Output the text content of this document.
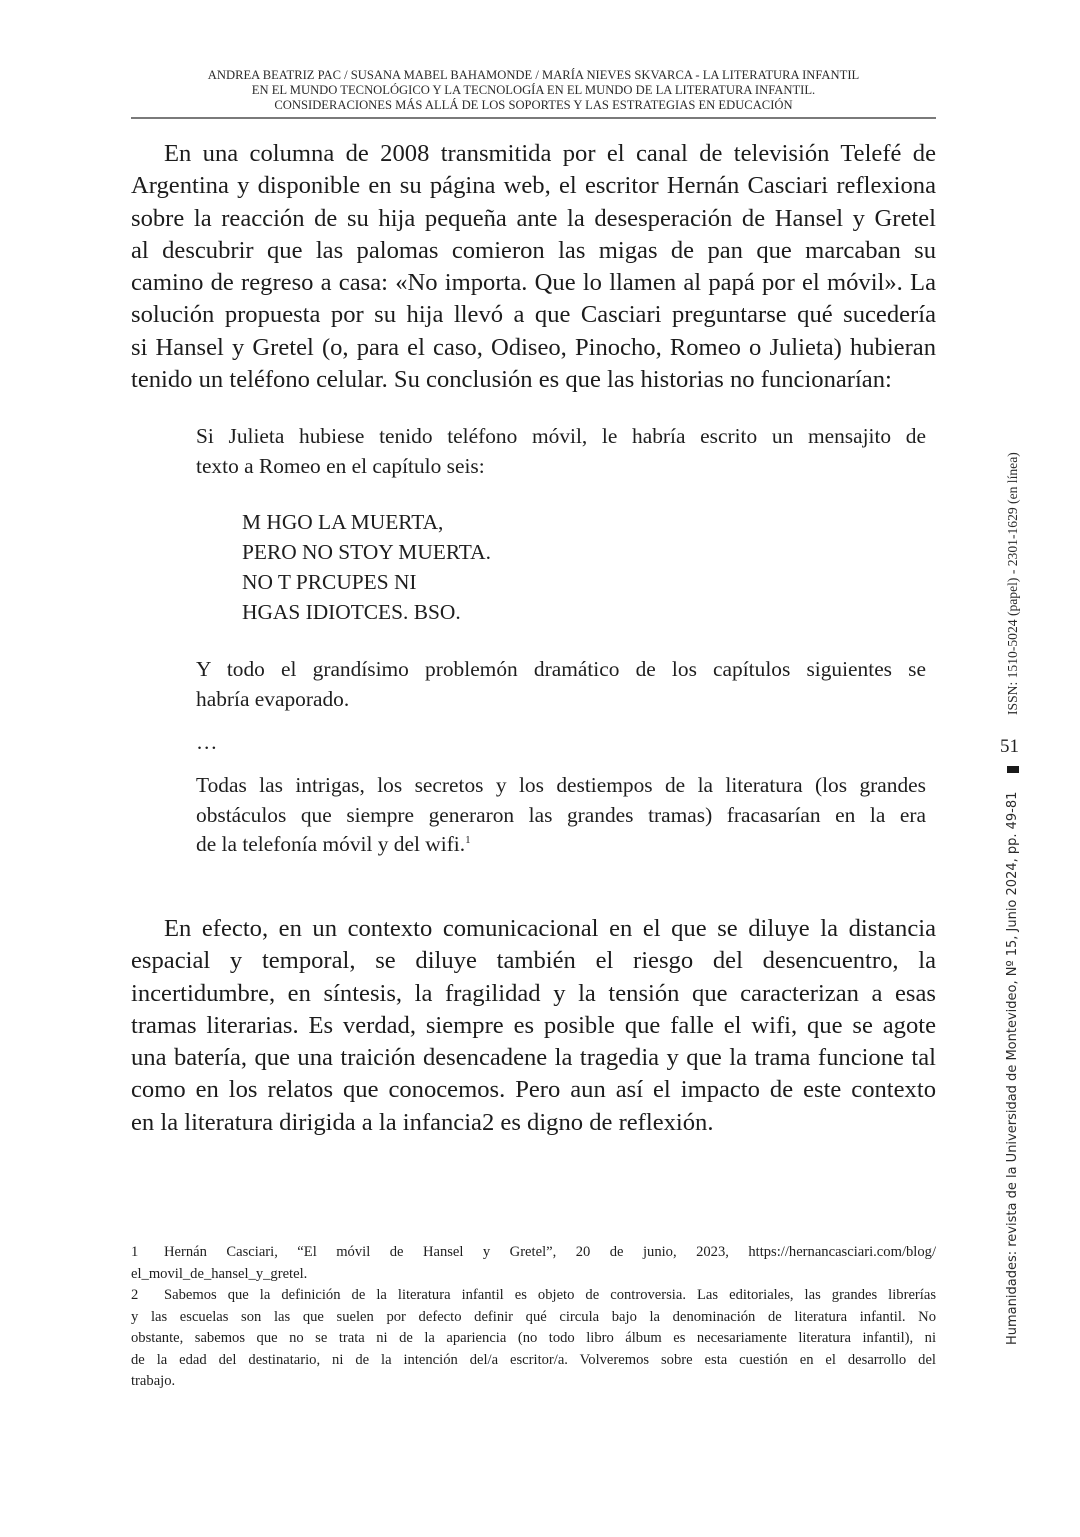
ANDREA BEATRIZ PAC / SUSANA MABEL BAHAMONDE / MARÍA NIEVES SKVARCA - LA LITERATURA INFANTIL
EN EL MUNDO TECNOLÓGICO Y LA TECNOLOGÍA EN EL MUNDO DE LA LITERATURA INFANTIL.
CONSIDERACIONES MÁS ALLÁ DE LOS SOPORTES Y LAS ESTRATEGIAS EN EDUCACIÓN
En una columna de 2008 transmitida por el canal de televisión Telefé de
Argentina y disponible en su página web, el escritor Hernán Casciari reflexiona
sobre la reacción de su hija pequeña ante la desesperación de Hansel y Gretel
al descubrir que las palomas comieron las migas de pan que marcaban su
camino de regreso a casa: «No importa. Que lo llamen al papá por el móvil». La
solución propuesta por su hija llevó a que Casciari preguntarse qué sucedería
si Hansel y Gretel (o, para el caso, Odiseo, Pinocho, Romeo o Julieta) hubieran
tenido un teléfono celular. Su conclusión es que las historias no funcionarían:
Si Julieta hubiese tenido teléfono móvil, le habría escrito un mensajito de
texto a Romeo en el capítulo seis:
M HGO LA MUERTA,
PERO NO STOY MUERTA.
NO T PRCUPES NI
HGAS IDIOTCES. BSO.
Y todo el grandísimo problemón dramático de los capítulos siguientes se
habría evaporado.
…
Todas las intrigas, los secretos y los destiempos de la literatura (los grandes
obstáculos que siempre generaron las grandes tramas) fracasarían en la era
de la telefonía móvil y del wifi.$^1$
En efecto, en un contexto comunicacional en el que se diluye la distancia
espacial y temporal, se diluye también el riesgo del desencuentro, la
incertidumbre, en síntesis, la fragilidad y la tensión que caracterizan a esas
tramas literarias. Es verdad, siempre es posible que falle el wifi, que se agote
una batería, que una traición desencadene la tragedia y que la trama funcione tal
como en los relatos que conocemos. Pero aun así el impacto de este contexto
en la literatura dirigida a la infancia2 es digno de reflexión.
1 Hernán Casciari, “El móvil de Hansel y Gretel”, 20 de junio, 2023, https://hernancasciari.com/blog/
el_movil_de_hansel_y_gretel.
2 Sabemos que la definición de la literatura infantil es objeto de controversia. Las editoriales, las grandes librerías
y las escuelas son las que suelen por defecto definir qué circula bajo la denominación de literatura infantil. No
obstante, sabemos que no se trata ni de la apariencia (no todo libro álbum es necesariamente literatura infantil), ni
de la edad del destinatario, ni de la intención del/a escritor/a. Volveremos sobre esta cuestión en el desarrollo del
trabajo.
ISSN: 1510-5024 (papel) - 2301-1629 (en línea)
51
Humanidades: revista de la Universidad de Montevideo, Nº 15, Junio 2024, pp. 49-81
